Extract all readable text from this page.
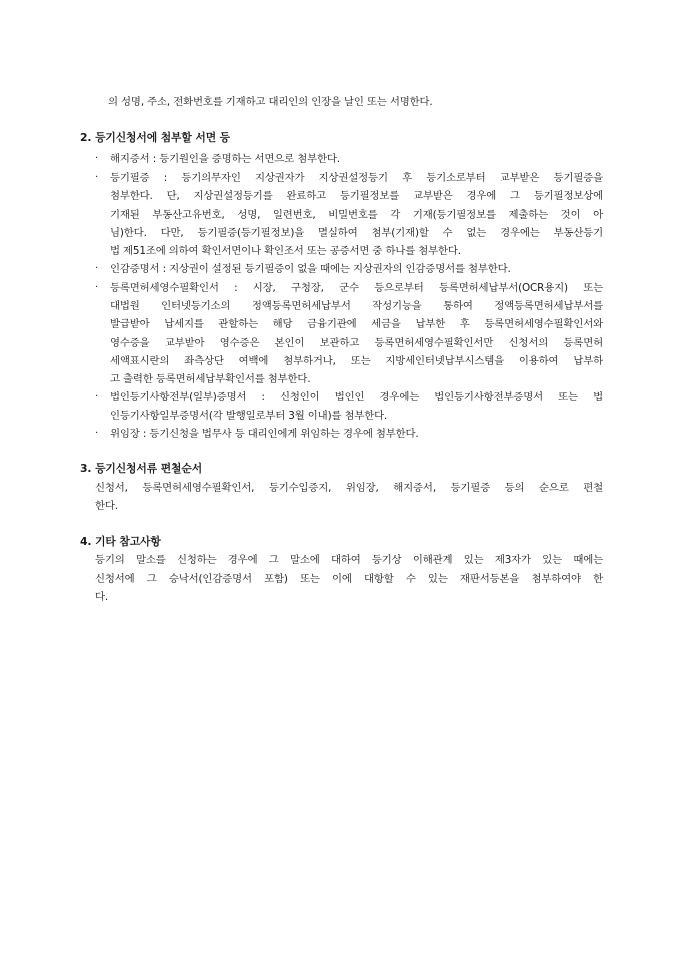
의 성명, 주소, 전화번호를 기재하고 대리인의 인장을 날인 또는 서명한다.
2. 등기신청서에 첨부할 서면 등
· 해지증서 : 등기원인을 증명하는 서면으로 첨부한다.
· 등기필증 : 등기의무자인 지상권자가 지상권설정등기 후 등기소로부터 교부받은 등기필증을
첨부한다. 단, 지상권설정등기를 완료하고 등기필정보를 교부받은 경우에 그 등기필정보상에
기재된 부동산고유번호, 성명, 일련번호, 비밀번호를 각 기재(등기필정보를 제출하는 것이 아
님)한다. 다만, 등기필증(등기필정보)을 멸실하여 첨부(기재)할 수 없는 경우에는 부동산등기
법 제51조에 의하여 확인서면이나 확인조서 또는 공증서면 중 하나를 첨부한다.
· 인감증명서 : 지상권이 설정된 등기필증이 없을 때에는 지상권자의 인감증명서를 첨부한다.
· 등록면허세영수필확인서 : 시장, 구청장, 군수 등으로부터 등록면허세납부서(OCR용지) 또는
대법원 인터넷등기소의 정액등록면허세납부서 작성기능을 통하여 정액등록면허세납부서를
발급받아 납세지를 관할하는 해당 금융기관에 세금을 납부한 후 등록면허세영수필확인서와
영수증을 교부받아 영수증은 본인이 보관하고 등록면허세영수필확인서만 신청서의 등록면허
세액표시란의 좌측상단 여백에 첨부하거나, 또는 지방세인터넷납부시스템을 이용하여 납부하
고 출력한 등록면허세납부확인서를 첨부한다.
· 법인등기사항전부(일부)증명서 : 신청인이 법인인 경우에는 법인등기사항전부증명서 또는 법
인등기사항일부증명서(각 발행일로부터 3월 이내)를 첨부한다.
· 위임장 : 등기신청을 법무사 등 대리인에게 위임하는 경우에 첨부한다.
3. 등기신청서류 편철순서
신청서, 등록면허세영수필확인서, 등기수입증지, 위임장, 해지증서, 등기필증 등의 순으로 편철
한다.
4. 기타 참고사항
등기의 말소를 신청하는 경우에 그 말소에 대하여 등기상 이해관계 있는 제3자가 있는 때에는
신청서에 그 승낙서(인감증명서 포함) 또는 이에 대항할 수 있는 재판서등본을 첨부하여야 한
다.
